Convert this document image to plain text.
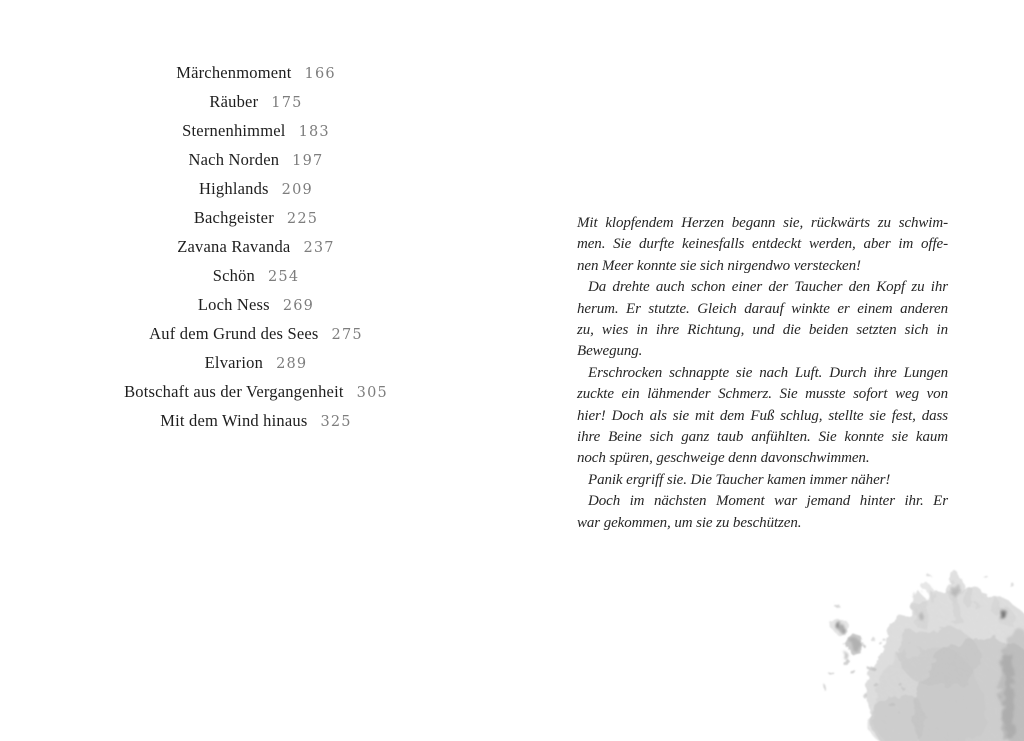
Märchenmoment 166
Räuber 175
Sternenhimmel 183
Nach Norden 197
Highlands 209
Bachgeister 225
Zavana Ravanda 237
Schön 254
Loch Ness 269
Auf dem Grund des Sees 275
Elvarion 289
Botschaft aus der Vergangenheit 305
Mit dem Wind hinaus 325
Mit klopfendem Herzen begann sie, rückwärts zu schwim-
men. Sie durfte keinesfalls entdeckt werden, aber im offe-
nen Meer konnte sie sich nirgendwo verstecken!
Da drehte auch schon einer der Taucher den Kopf zu ihr
herum. Er stutzte. Gleich darauf winkte er einem anderen
zu, wies in ihre Richtung, und die beiden setzten sich in
Bewegung.
Erschrocken schnappte sie nach Luft. Durch ihre Lungen
zuckte ein lähmender Schmerz. Sie musste sofort weg von
hier! Doch als sie mit dem Fuß schlug, stellte sie fest, dass
ihre Beine sich ganz taub anfühlten. Sie konnte sie kaum
noch spüren, geschweige denn davonschwimmen.
Panik ergriff sie. Die Taucher kamen immer näher!
Doch im nächsten Moment war jemand hinter ihr. Er
war gekommen, um sie zu beschützen.
